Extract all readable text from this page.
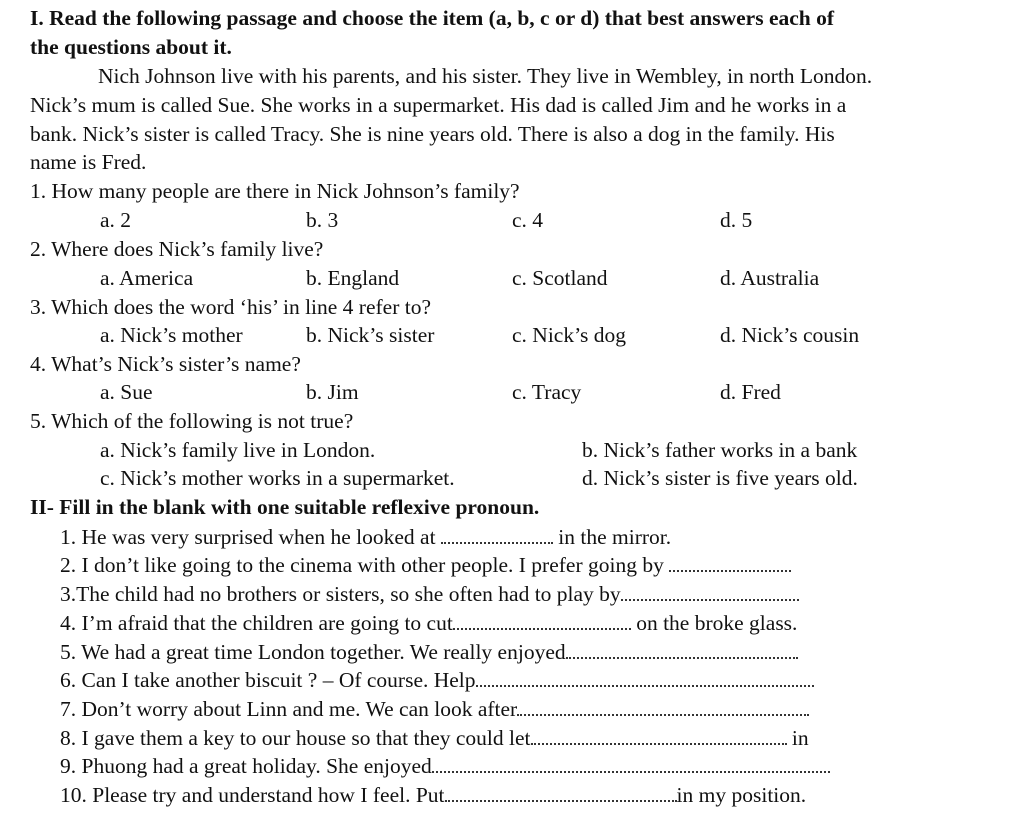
I. Read the following passage and choose the item (a, b, c or d) that best answers each of
the questions about it.
Nich Johnson live with his parents, and his sister. They live in Wembley, in north London.
Nick’s mum is called Sue. She works in a supermarket. His dad is called Jim and he works in a
bank. Nick’s sister is called Tracy. She is nine years old. There is also a dog in the family. His
name is Fred.
1. How many people are there in Nick Johnson’s family?
a. 2	b. 3	c. 4	d. 5
2. Where does Nick’s family live?
a. America	b. England	c. Scotland	d. Australia
3. Which does the word ‘his’ in line 4 refer to?
a. Nick’s mother	b. Nick’s sister	c. Nick’s dog	d. Nick’s cousin
4. What’s Nick’s sister’s name?
a. Sue	b. Jim	c. Tracy	d. Fred
5. Which of the following is not true?
a. Nick’s family live in London.	b. Nick’s father works in a bank
c. Nick’s mother works in a supermarket.	d. Nick’s sister is five years old.
II- Fill in the blank with one suitable reflexive pronoun.
1. He was very surprised when he looked at	in the mirror.
2. I don’t like going to the cinema with other people. I prefer going by
3.The child had no brothers or sisters, so she often had to play by
4. I’m afraid that the children are going to cut	on the broke glass.
5. We had a great time London together. We really enjoyed
6. Can I take another biscuit ? – Of course. Help
7. Don’t worry about Linn and me. We can look after
8. I gave them a key to our house so that they could let	in
9. Phuong had a great holiday. She enjoyed
10. Please try and understand how I feel. Put	in my position.
